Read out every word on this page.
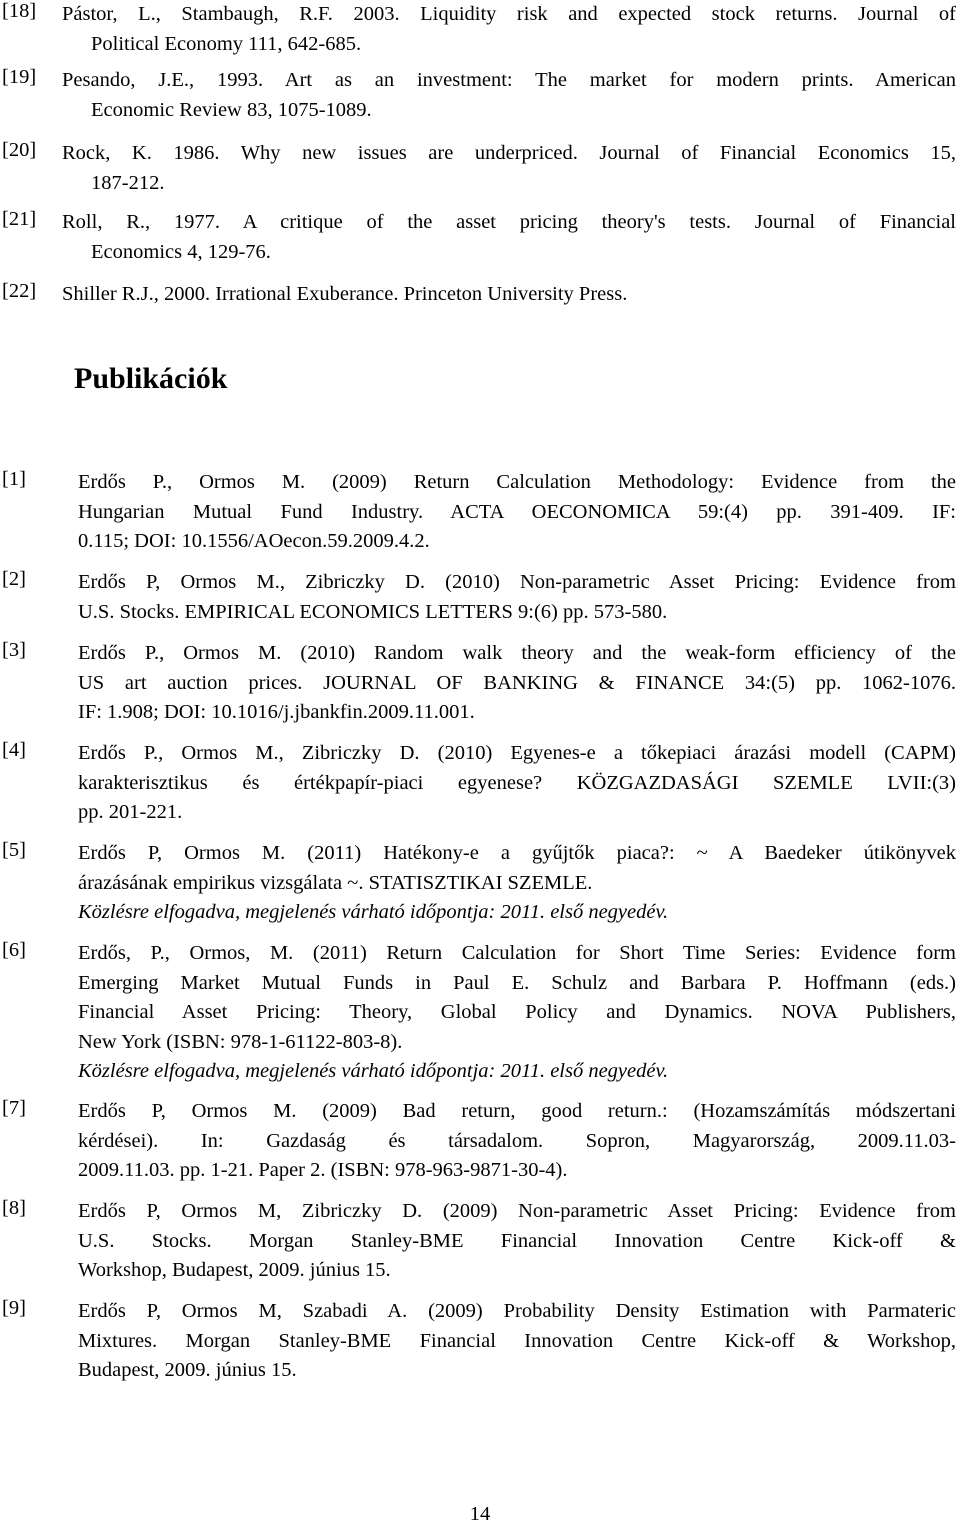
[18] Pástor, L., Stambaugh, R.F. 2003. Liquidity risk and expected stock returns. Journal of
Political Economy 111, 642-685.
[19] Pesando, J.E., 1993. Art as an investment: The market for modern prints. American
Economic Review 83, 1075-1089.
[20] Rock, K. 1986. Why new issues are underpriced. Journal of Financial Economics 15,
187-212.
[21] Roll, R., 1977. A critique of the asset pricing theory's tests. Journal of Financial
Economics 4, 129-76.
[22] Shiller R.J., 2000. Irrational Exuberance. Princeton University Press.
Publikációk
[1]	Erdős P., Ormos M. (2009) Return Calculation Methodology: Evidence from the
Hungarian Mutual Fund Industry. ACTA OECONOMICA 59:(4) pp. 391-409. IF:
0.115; DOI: 10.1556/AOecon.59.2009.4.2.
[2]	Erdős P, Ormos M., Zibriczky D. (2010) Non-parametric Asset Pricing: Evidence from
U.S. Stocks. EMPIRICAL ECONOMICS LETTERS 9:(6) pp. 573-580.
[3]	Erdős P., Ormos M. (2010) Random walk theory and the weak-form efficiency of the
US art auction prices. JOURNAL OF BANKING & FINANCE 34:(5) pp. 1062-1076.
IF: 1.908; DOI: 10.1016/j.jbankfin.2009.11.001.
[4]	Erdős P., Ormos M., Zibriczky D. (2010) Egyenes-e a tőkepiaci árazási modell (CAPM)
karakterisztikus és értékpapír-piaci egyenese? KÖZGAZDASÁGI SZEMLE LVII:(3)
pp. 201-221.
[5]	Erdős P, Ormos M. (2011) Hatékony-e a gyűjtők piaca?: ~ A Baedeker útikönyvek
árazásának empirikus vizsgálata ~. STATISZTIKAI SZEMLE.
Közlésre elfogadva, megjelenés várható időpontja: 2011. első negyedév.
[6]	Erdős, P., Ormos, M. (2011) Return Calculation for Short Time Series: Evidence form
Emerging Market Mutual Funds in Paul E. Schulz and Barbara P. Hoffmann (eds.)
Financial Asset Pricing: Theory, Global Policy and Dynamics. NOVA Publishers,
New York (ISBN: 978-1-61122-803-8).
Közlésre elfogadva, megjelenés várható időpontja: 2011. első negyedév.
[7]	Erdős P, Ormos M. (2009) Bad return, good return.: (Hozamszámítás módszertani
kérdései). In: Gazdaság és társadalom. Sopron, Magyarország, 2009.11.03-
2009.11.03. pp. 1-21. Paper 2. (ISBN: 978-963-9871-30-4).
[8]	Erdős P, Ormos M, Zibriczky D. (2009) Non-parametric Asset Pricing: Evidence from
U.S. Stocks. Morgan Stanley-BME Financial Innovation Centre Kick-off &
Workshop, Budapest, 2009. június 15.
[9]	Erdős P, Ormos M, Szabadi A. (2009) Probability Density Estimation with Parmateric
Mixtures. Morgan Stanley-BME Financial Innovation Centre Kick-off & Workshop,
Budapest, 2009. június 15.
14
